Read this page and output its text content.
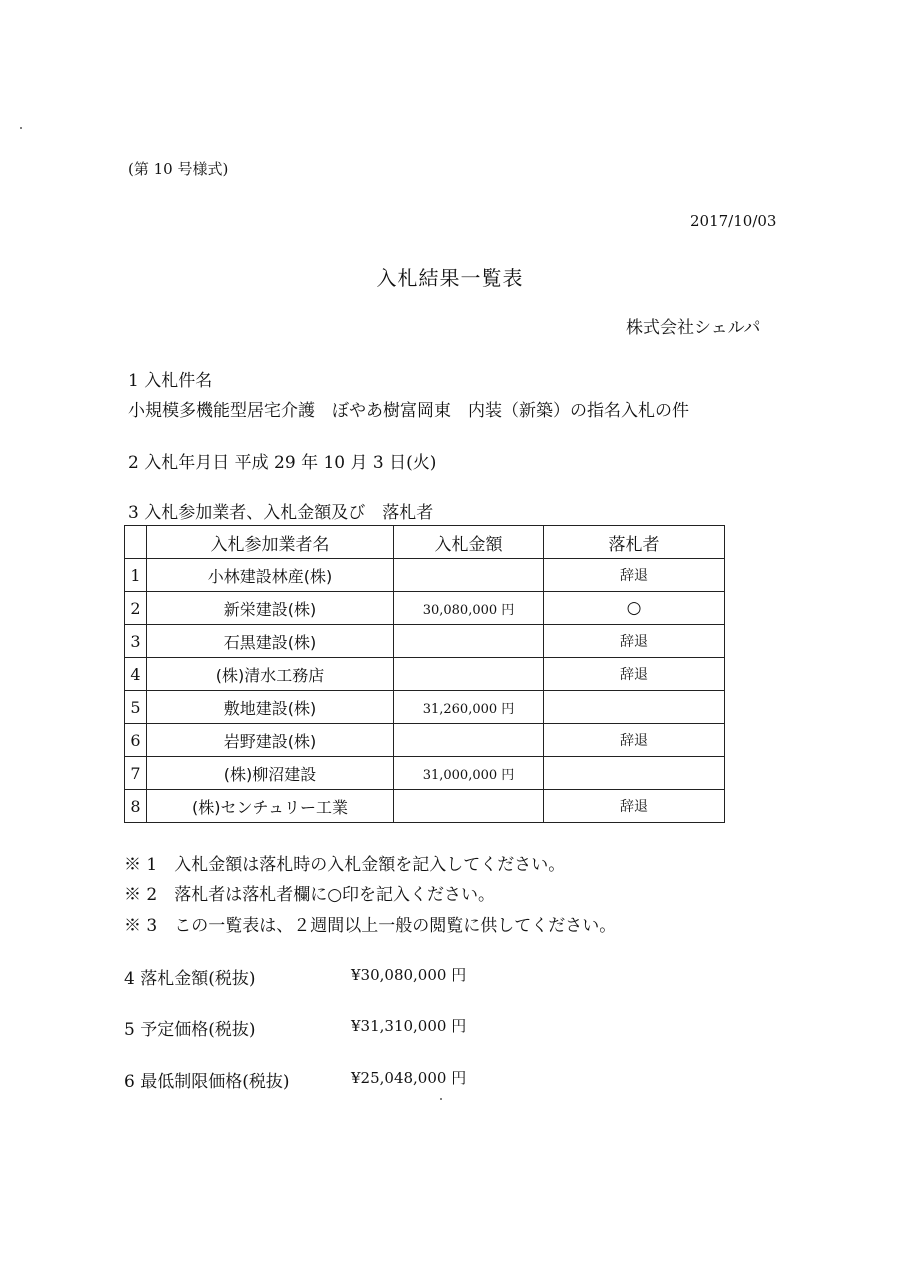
(第 10 号様式)
2017/10/03
入札結果一覧表
株式会社シェルパ
1 入札件名
小規模多機能型居宅介護　ぼやあ樹富岡東　内装（新築）の指名入札の件
2 入札年月日 平成 29 年 10 月 3 日(火)
3 入札参加業者、入札金額及び　落札者
	入札参加業者名	入札金額	落札者
1	小林建設林産(株)		辞退
2	新栄建設(株)	30,080,000 円	○
3	石黒建設(株)		辞退
4	(株)清水工務店		辞退
5	敷地建設(株)	31,260,000 円	
6	岩野建設(株)		辞退
7	(株)柳沼建設	31,000,000 円	
8	(株)センチュリー工業		辞退
※ 1　入札金額は落札時の入札金額を記入してください。
※ 2　落札者は落札者欄に○印を記入ください。
※ 3　この一覧表は、２週間以上一般の閲覧に供してください。
4 落札金額(税抜)	¥30,080,000 円
5 予定価格(税抜)	¥31,310,000 円
6 最低制限価格(税抜)	¥25,048,000 円
